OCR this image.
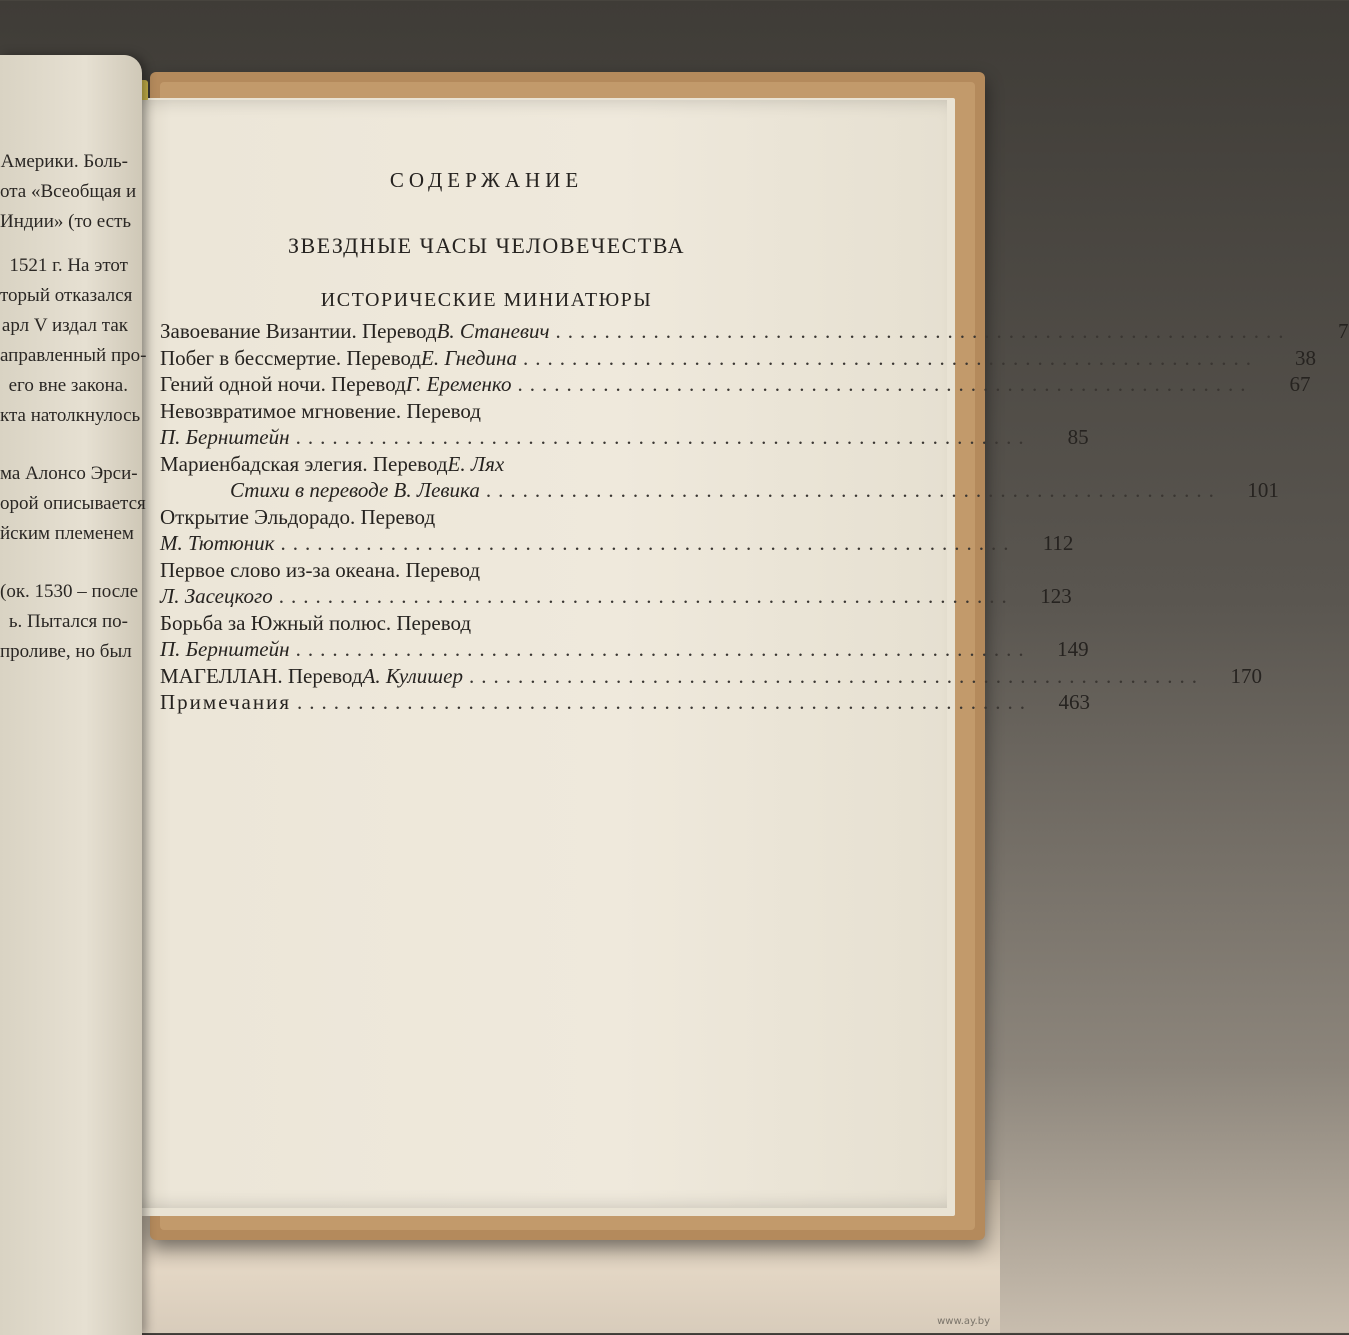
Америки. Боль-
ота «Всеобщая и
Индии» (то есть
1521 г. На этот
торый отказался
арл V издал так
аправленный про-
его вне закона.
кта натолкнулось
ма Алонсо Эрси-
орой описывается
йским племенем
(ок. 1530 – после
ь. Пытался по-
проливе, но был
СОДЕРЖАНИЕ
ЗВЕЗДНЫЕ ЧАСЫ ЧЕЛОВЕЧЕСТВА
ИСТОРИЧЕСКИЕ МИНИАТЮРЫ
Завоевание Византии. Перевод В. Станевич ............................................................	7
Побег в бессмертие. Перевод Е. Гнедина ............................................................	38
Гений одной ночи. Перевод Г. Еременко ............................................................	67
Невозвратимое мгновение. Перевод
П. Бернштейн ............................................................	85
Мариенбадская элегия. Перевод Е. Лях
Стихи в переводе В. Левика ............................................................	101
Открытие Эльдорадо. Перевод
М. Тютюник ............................................................	112
Первое слово из-за океана. Перевод
Л. Засецкого ............................................................	123
Борьба за Южный полюс. Перевод
П. Бернштейн ............................................................	149
МАГЕЛЛАН. Перевод А. Кулишер ............................................................	170
Примечания ............................................................	463
www.ay.by
